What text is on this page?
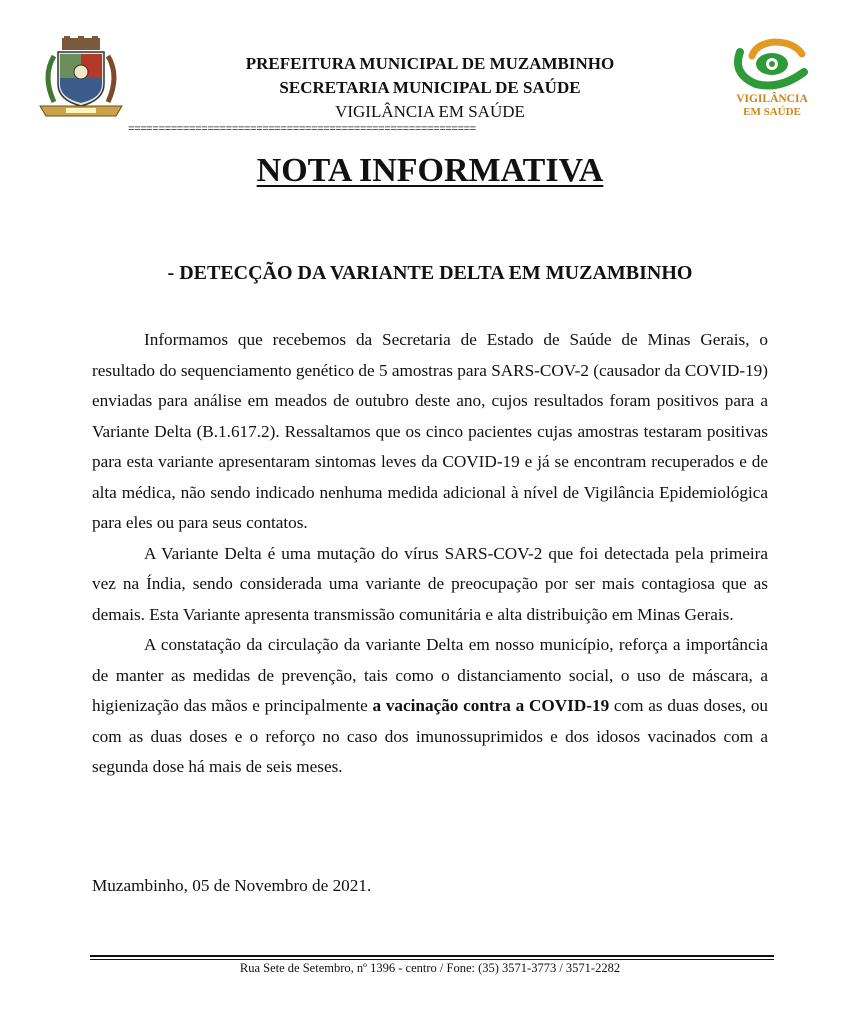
PREFEITURA MUNICIPAL DE MUZAMBINHO
SECRETARIA MUNICIPAL DE SAÚDE
VIGILÂNCIA EM SAÚDE
=========================================================
VIGILÂNCIA
EM SAÚDE
NOTA INFORMATIVA
- DETECÇÃO DA VARIANTE DELTA EM MUZAMBINHO

Informamos que recebemos da Secretaria de Estado de Saúde de Minas Gerais, o resultado do sequenciamento genético de 5 amostras para SARS-COV-2 (causador da COVID-19) enviadas para análise em meados de outubro deste ano, cujos resultados foram positivos para a Variante Delta (B.1.617.2). Ressaltamos que os cinco pacientes cujas amostras testaram positivas para esta variante apresentaram sintomas leves da COVID-19 e já se encontram recuperados e de alta médica, não sendo indicado nenhuma medida adicional à nível de Vigilância Epidemiológica para eles ou para seus contatos.

A Variante Delta é uma mutação do vírus SARS-COV-2 que foi detectada pela primeira vez na Índia, sendo considerada uma variante de preocupação por ser mais contagiosa que as demais. Esta Variante apresenta transmissão comunitária e alta distribuição em Minas Gerais.

A constatação da circulação da variante Delta em nosso município, reforça a importância de manter as medidas de prevenção, tais como o distanciamento social, o uso de máscara, a higienização das mãos e principalmente a vacinação contra a COVID-19 com as duas doses, ou com as duas doses e o reforço no caso dos imunossuprimidos e dos idosos vacinados com a segunda dose há mais de seis meses.

Muzambinho, 05 de Novembro de 2021.
Rua Sete de Setembro, nº 1396 - centro / Fone: (35) 3571-3773 / 3571-2282
